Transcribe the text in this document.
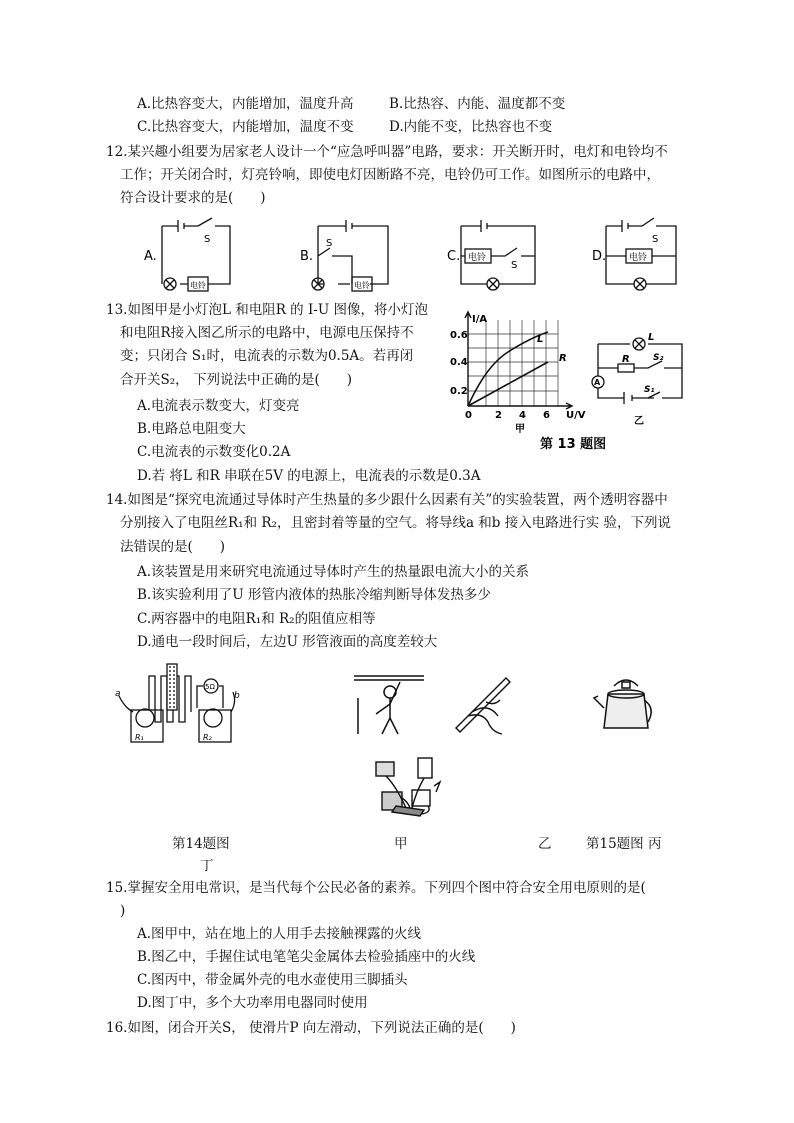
A.比热容变大，内能增加，温度升高	B.比热容、内能、温度都不变
C.比热容变大，内能增加，温度不变	D.内能不变，比热容也不变
12.某兴趣小组要为居家老人设计一个“应急呼叫器”电路，要求：开关断开时，电灯和电铃均不
工作；开关闭合时，灯亮铃响，即使电灯因断路不亮，电铃仍可工作。如图所示的电路中，
符合设计要求的是(　　)
A.
S
电铃
B.
S
电铃
C. 电铃
S
D.	电铃
S
13.如图甲是小灯泡L 和电阻R 的 I-U 图像，将小灯泡
和电阻R接入图乙所示的电路中，电源电压保持不
变；只闭合 S₁时，电流表的示数为0.5A。若再闭
合开关S₂， 下列说法中正确的是(　　)
A.电流表示数变大，灯变亮
B.电路总电阻变大
C.电流表的示数变化0.2A
D.若 将L 和R 串联在5V 的电源上，电流表的示数是0.3A
I/A
U/V
0.6
0.4
0.2
0 2 4 6
L
R
甲
L
R	S₂
A
S₁
乙
第 13 题图
14.如图是“探究电流通过导体时产生热量的多少跟什么因素有关”的实验装置，两个透明容器中
分别接入了电阻丝R₁和 R₂，且密封着等量的空气。将导线a 和b 接入电路进行实 验，下列说
法错误的是(　　)
A.该装置是用来研究电流通过导体时产生的热量跟电流大小的关系
B.该实验利用了U 形管内液体的热胀冷缩判断导体发热多少
C.两容器中的电阻R₁和 R₂的阻值应相等
D.通电一段时间后，左边U 形管液面的高度差较大
a
5Ω
b
R₁	R₂
第14题图	甲	乙	第15题图 丙
丁
15.掌握安全用电常识，是当代每个公民必备的素养。下列四个图中符合安全用电原则的是(
)
A.图甲中，站在地上的人用手去接触裸露的火线
B.图乙中，手握住试电笔笔尖金属体去检验插座中的火线
C.图丙中，带金属外壳的电水壶使用三脚插头
D.图丁中，多个大功率用电器同时使用
16.如图，闭合开关S， 使滑片P 向左滑动，下列说法正确的是(　　)
